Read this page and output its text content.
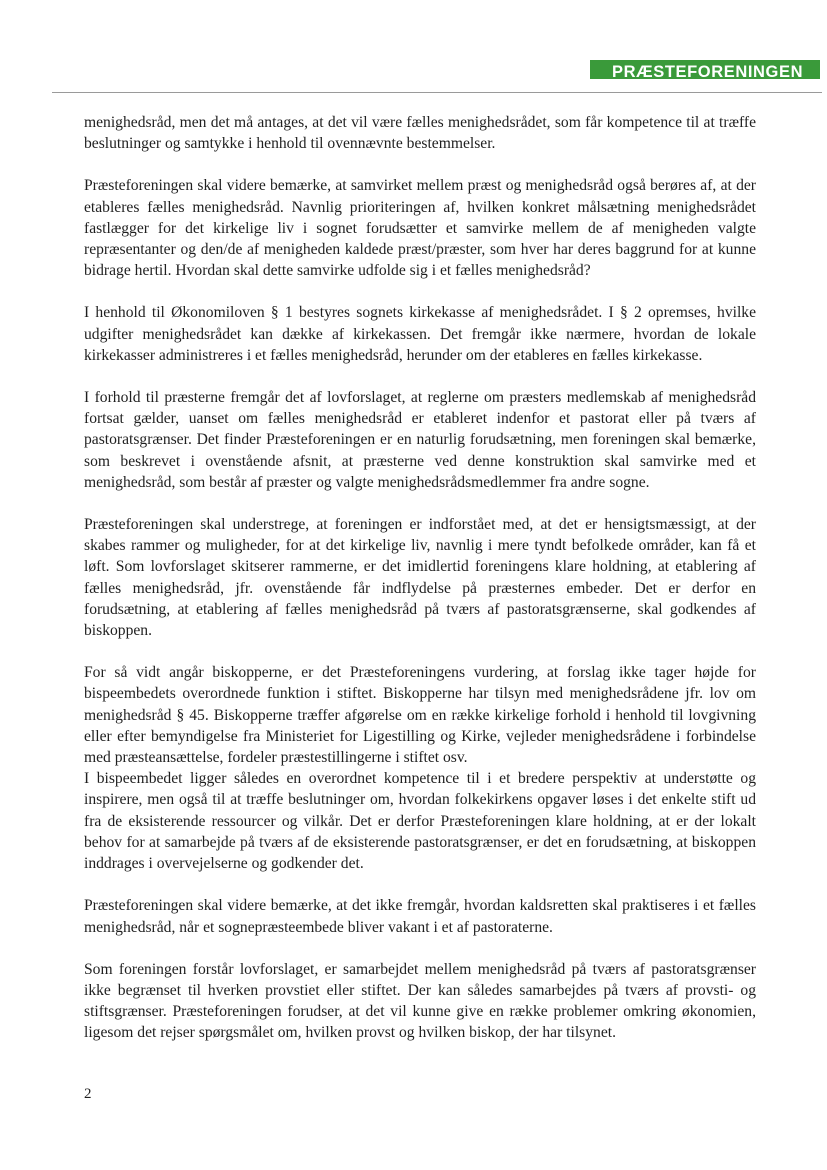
PRÆSTEFORENINGEN

menighedsråd, men det må antages, at det vil være fælles menighedsrådet, som får kompetence til at træffe beslutninger og samtykke i henhold til ovennævnte bestemmelser.

Præsteforeningen skal videre bemærke, at samvirket mellem præst og menighedsråd også berøres af, at der etableres fælles menighedsråd. Navnlig prioriteringen af, hvilken konkret målsætning menighedsrådet fastlægger for det kirkelige liv i sognet forudsætter et samvirke mellem de af menigheden valgte repræsentanter og den/de af menigheden kaldede præst/præster, som hver har deres baggrund for at kunne bidrage hertil. Hvordan skal dette samvirke udfolde sig i et fælles menighedsråd?

I henhold til Økonomiloven § 1 bestyres sognets kirkekasse af menighedsrådet. I § 2 opremses, hvilke udgifter menighedsrådet kan dække af kirkekassen. Det fremgår ikke nærmere, hvordan de lokale kirkekasser administreres i et fælles menighedsråd, herunder om der etableres en fælles kirkekasse.

I forhold til præsterne fremgår det af lovforslaget, at reglerne om præsters medlemskab af menighedsråd fortsat gælder, uanset om fælles menighedsråd er etableret indenfor et pastorat eller på tværs af pastoratsgrænser. Det finder Præsteforeningen er en naturlig forudsætning, men foreningen skal bemærke, som beskrevet i ovenstående afsnit, at præsterne ved denne konstruktion skal samvirke med et menighedsråd, som består af præster og valgte menighedsrådsmedlemmer fra andre sogne.

Præsteforeningen skal understrege, at foreningen er indforstået med, at det er hensigtsmæssigt, at der skabes rammer og muligheder, for at det kirkelige liv, navnlig i mere tyndt befolkede områder, kan få et løft. Som lovforslaget skitserer rammerne, er det imidlertid foreningens klare holdning, at etablering af fælles menighedsråd, jfr. ovenstående får indflydelse på præsternes embeder. Det er derfor en forudsætning, at etablering af fælles menighedsråd på tværs af pastoratsgrænserne, skal godkendes af biskoppen.

For så vidt angår biskopperne, er det Præsteforeningens vurdering, at forslag ikke tager højde for bispeembedets overordnede funktion i stiftet. Biskopperne har tilsyn med menighedsrådene jfr. lov om menighedsråd § 45. Biskopperne træffer afgørelse om en række kirkelige forhold i henhold til lovgivning eller efter bemyndigelse fra Ministeriet for Ligestilling og Kirke, vejleder menighedsrådene i forbindelse med præsteansættelse, fordeler præstestillingerne i stiftet osv.

I bispeembedet ligger således en overordnet kompetence til i et bredere perspektiv at understøtte og inspirere, men også til at træffe beslutninger om, hvordan folkekirkens opgaver løses i det enkelte stift ud fra de eksisterende ressourcer og vilkår. Det er derfor Præsteforeningen klare holdning, at er der lokalt behov for at samarbejde på tværs af de eksisterende pastoratsgrænser, er det en forudsætning, at biskoppen inddrages i overvejelserne og godkender det.

Præsteforeningen skal videre bemærke, at det ikke fremgår, hvordan kaldsretten skal praktiseres i et fælles menighedsråd, når et sognepræsteembede bliver vakant i et af pastoraterne.

Som foreningen forstår lovforslaget, er samarbejdet mellem menighedsråd på tværs af pastoratsgrænser ikke begrænset til hverken provstiet eller stiftet. Der kan således samarbejdes på tværs af provsti- og stiftsgrænser. Præsteforeningen forudser, at det vil kunne give en række problemer omkring økonomien, ligesom det rejser spørgsmålet om, hvilken provst og hvilken biskop, der har tilsynet.

2
